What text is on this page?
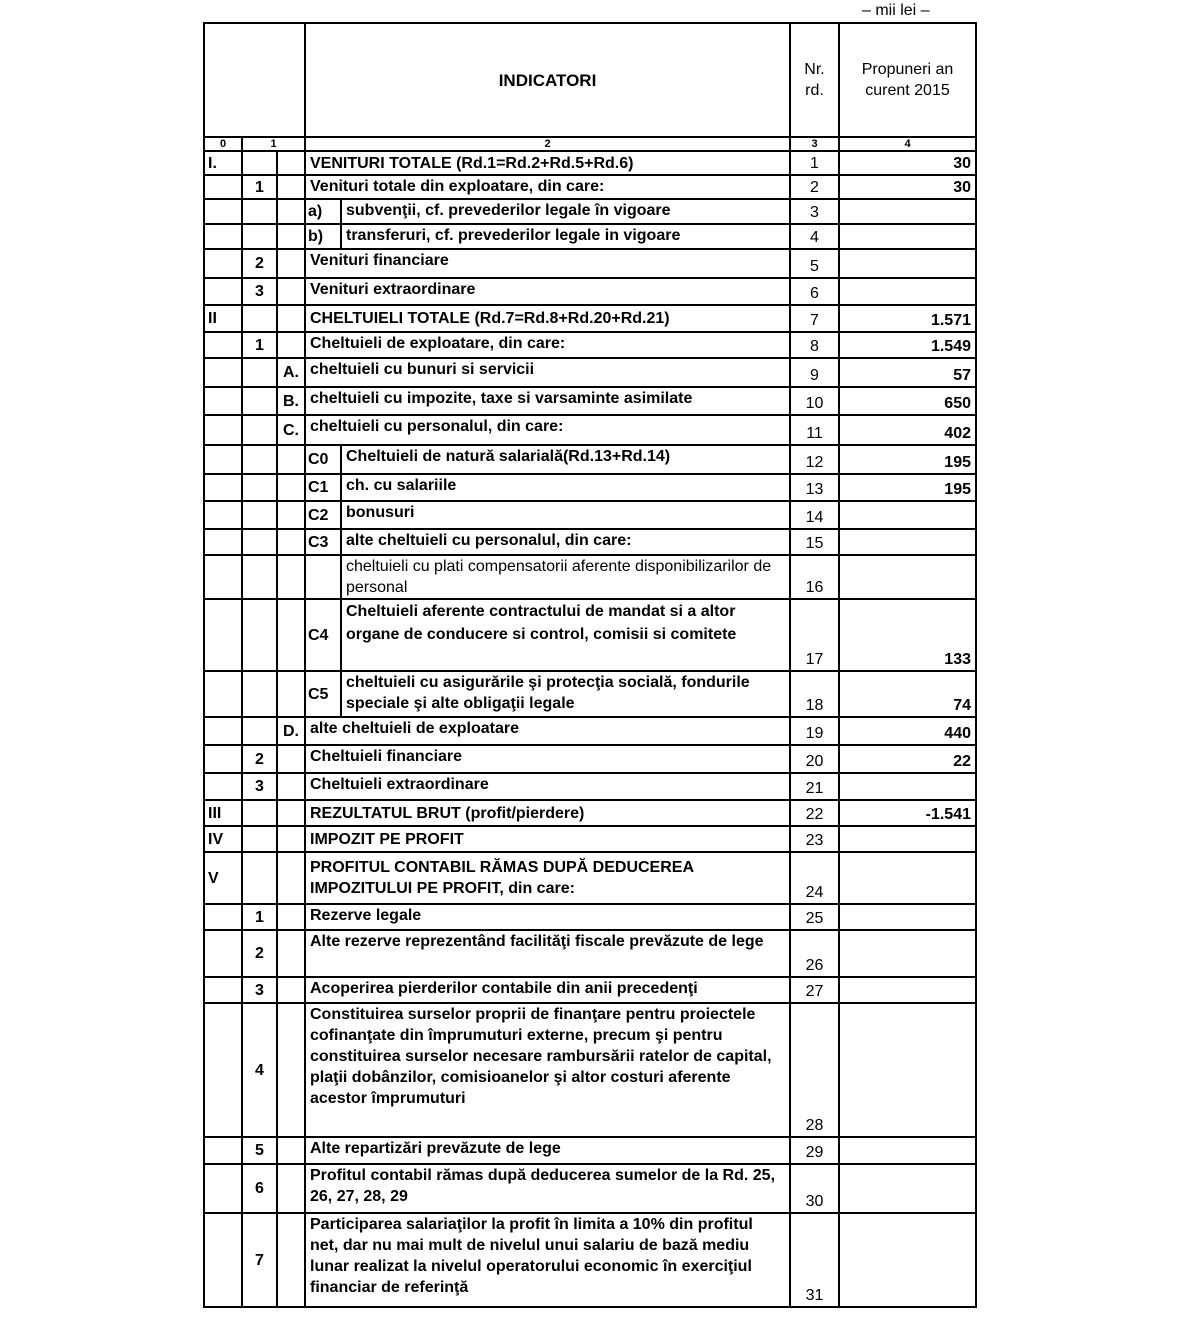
– mii lei –
			INDICATORI		Nr. rd.	Propuneri an curent 2015
0	1		2		3	4
I.			VENITURI TOTALE (Rd.1=Rd.2+Rd.5+Rd.6)		1	30
	1		Venituri totale din exploatare, din care:		2	30
			a)	subvenţii, cf. prevederilor legale în vigoare	3	
			b)	transferuri, cf. prevederilor legale in vigoare	4	
	2		Venituri financiare		5	
	3		Venituri extraordinare		6	
II			CHELTUIELI TOTALE (Rd.7=Rd.8+Rd.20+Rd.21)		7	1.571
	1		Cheltuieli de exploatare, din care:		8	1.549
		A.	cheltuieli cu bunuri si servicii		9	57
		B.	cheltuieli cu impozite, taxe si varsaminte asimilate		10	650
		C.	cheltuieli cu personalul, din care:		11	402
			C0	Cheltuieli de natură salarială(Rd.13+Rd.14)	12	195
			C1	ch. cu salariile	13	195
			C2	bonusuri	14	
			C3	alte cheltuieli cu personalul, din care:	15	
				cheltuieli cu plati compensatorii aferente disponibilizarilor de personal	16	
			C4	Cheltuieli aferente contractului de mandat si a altor organe de conducere si control, comisii si comitete	17	133
			C5	cheltuieli cu asigurările şi protecţia socială, fondurile speciale şi alte obligaţii legale	18	74
		D.	alte cheltuieli de exploatare		19	440
	2		Cheltuieli financiare		20	22
	3		Cheltuieli extraordinare		21	
III			REZULTATUL BRUT (profit/pierdere)		22	-1.541
IV			IMPOZIT PE PROFIT		23	
V			PROFITUL CONTABIL RĂMAS DUPĂ DEDUCEREA IMPOZITULUI PE PROFIT, din care:		24	
	1		Rezerve legale		25	
	2		Alte rezerve reprezentând facilităţi fiscale prevăzute de lege		26	
	3		Acoperirea pierderilor contabile din anii precedenţi		27	
	4		Constituirea surselor proprii de finanţare pentru proiectele cofinanţate din împrumuturi externe, precum şi pentru constituirea surselor necesare rambursării ratelor de capital, plaţii dobânzilor, comisioanelor şi altor costuri aferente acestor împrumuturi		28	
	5		Alte repartizări prevăzute de lege		29	
	6		Profitul contabil rămas după deducerea sumelor de la Rd. 25, 26, 27, 28, 29		30	
	7		Participarea salariaţilor la profit în limita a 10% din profitul net, dar nu mai mult de nivelul unui salariu de bază mediu lunar realizat la nivelul operatorului economic în exerciţiul financiar de referinţă		31	
